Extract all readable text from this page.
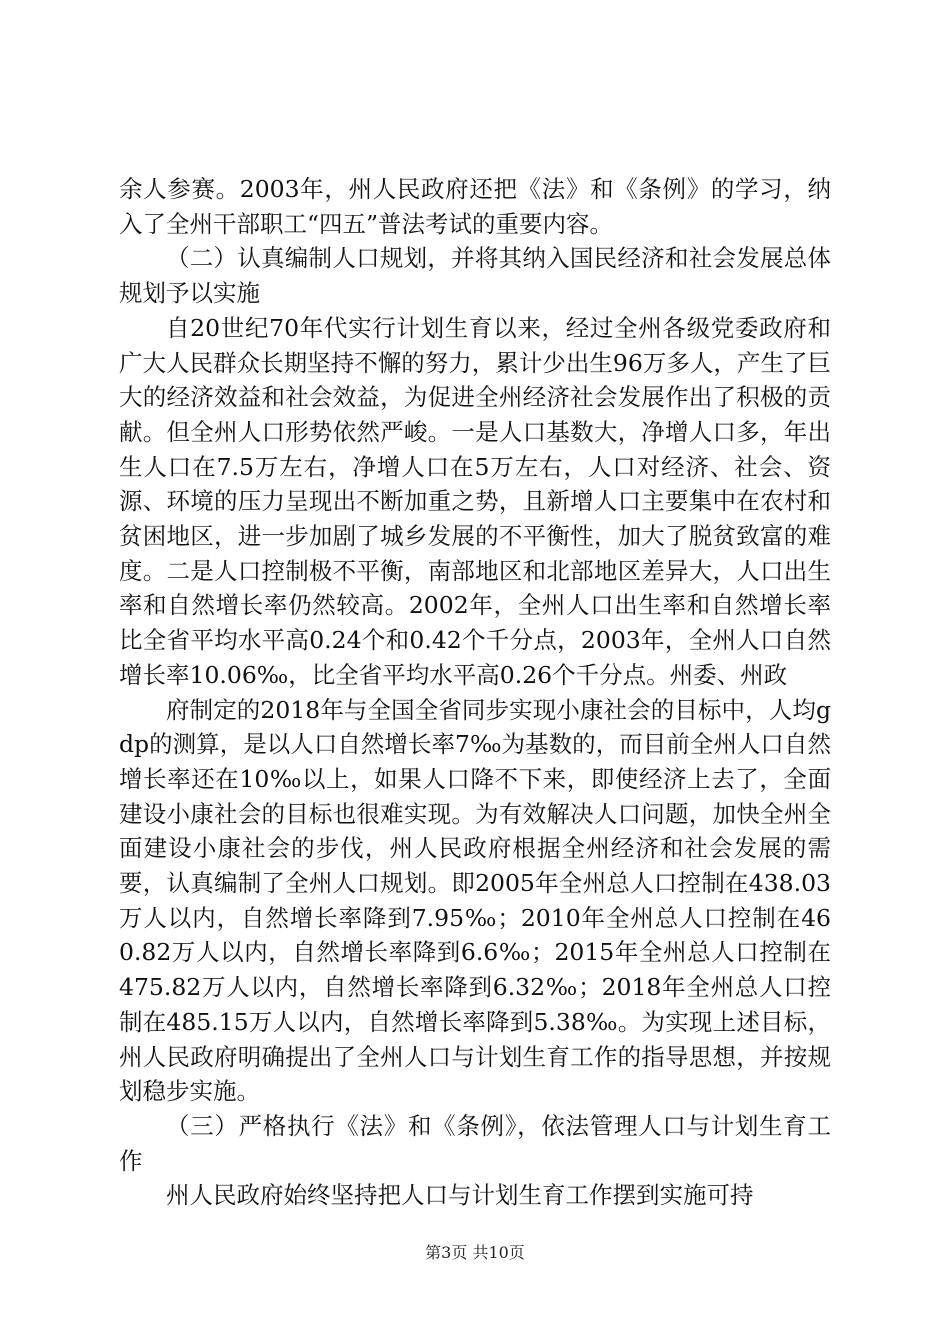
余人参赛。2003年，州人民政府还把《法》和《条例》的学习，纳入了全州干部职工“四五”普法考试的重要内容。

（二）认真编制人口规划，并将其纳入国民经济和社会发展总体规划予以实施

自20世纪70年代实行计划生育以来，经过全州各级党委政府和广大人民群众长期坚持不懈的努力，累计少出生96万多人，产生了巨大的经济效益和社会效益，为促进全州经济社会发展作出了积极的贡献。但全州人口形势依然严峻。一是人口基数大，净增人口多，年出生人口在7.5万左右，净增人口在5万左右，人口对经济、社会、资源、环境的压力呈现出不断加重之势，且新增人口主要集中在农村和贫困地区，进一步加剧了城乡发展的不平衡性，加大了脱贫致富的难度。二是人口控制极不平衡，南部地区和北部地区差异大，人口出生率和自然增长率仍然较高。2002年，全州人口出生率和自然增长率比全省平均水平高0.24个和0.42个千分点，2003年，全州人口自然增长率10.06‰，比全省平均水平高0.26个千分点。州委、州政

府制定的2018年与全国全省同步实现小康社会的目标中，人均gdp的测算，是以人口自然增长率7‰为基数的，而目前全州人口自然增长率还在10‰以上，如果人口降不下来，即使经济上去了，全面建设小康社会的目标也很难实现。为有效解决人口问题，加快全州全面建设小康社会的步伐，州人民政府根据全州经济和社会发展的需要，认真编制了全州人口规划。即2005年全州总人口控制在438.03万人以内，自然增长率降到7.95‰；2010年全州总人口控制在460.82万人以内，自然增长率降到6.6‰；2015年全州总人口控制在475.82万人以内，自然增长率降到6.32‰；2018年全州总人口控制在485.15万人以内，自然增长率降到5.38‰。为实现上述目标，州人民政府明确提出了全州人口与计划生育工作的指导思想，并按规划稳步实施。

（三）严格执行《法》和《条例》，依法管理人口与计划生育工作

州人民政府始终坚持把人口与计划生育工作摆到实施可持

第3页 共10页
